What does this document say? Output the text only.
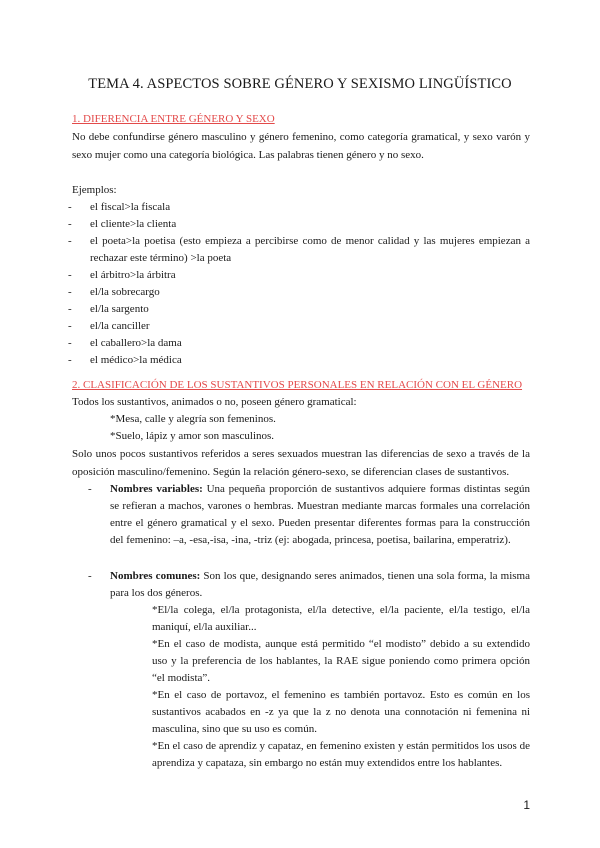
TEMA 4. ASPECTOS SOBRE GÉNERO Y SEXISMO LINGÜÍSTICO
1. DIFERENCIA ENTRE GÉNERO Y SEXO

No debe confundirse género masculino y género femenino, como categoría gramatical, y sexo varón y sexo mujer como una categoría biológica. Las palabras tienen género y no sexo.

Ejemplos:

- el fiscal>la fiscala
- el cliente>la clienta
- el poeta>la poetisa (esto empieza a percibirse como de menor calidad y las mujeres empiezan a rechazar este término) >la poeta
- el árbitro>la árbitra
- el/la sobrecargo
- el/la sargento
- el/la canciller
- el caballero>la dama
- el médico>la médica
2. CLASIFICACIÓN DE LOS SUSTANTIVOS PERSONALES EN RELACIÓN CON EL GÉNERO

Todos los sustantivos, animados o no, poseen género gramatical:

*Mesa, calle y alegría son femeninos.

*Suelo, lápiz y amor son masculinos.

Solo unos pocos sustantivos referidos a seres sexuados muestran las diferencias de sexo a través de la oposición masculino/femenino. Según la relación género-sexo, se diferencian clases de sustantivos.

- Nombres variables: Una pequeña proporción de sustantivos adquiere formas distintas según se refieran a machos, varones o hembras. Muestran mediante marcas formales una correlación entre el género gramatical y el sexo. Pueden presentar diferentes formas para la construcción del femenino: –a, -esa,-isa, -ina, -triz (ej: abogada, princesa, poetisa, bailarina, emperatriz).
- Nombres comunes: Son los que, designando seres animados, tienen una sola forma, la misma para los dos géneros.

*El/la colega, el/la protagonista, el/la detective, el/la paciente, el/la testigo, el/la maniquí, el/la auxiliar...

*En el caso de modista, aunque está permitido “el modisto” debido a su extendido uso y la preferencia de los hablantes, la RAE sigue poniendo como primera opción “el modista”.

*En el caso de portavoz, el femenino es también portavoz. Esto es común en los sustantivos acabados en -z ya que la z no denota una connotación ni femenina ni masculina, sino que su uso es común.

*En el caso de aprendiz y capataz, en femenino existen y están permitidos los usos de aprendiza y capataza, sin embargo no están muy extendidos entre los hablantes.

1
